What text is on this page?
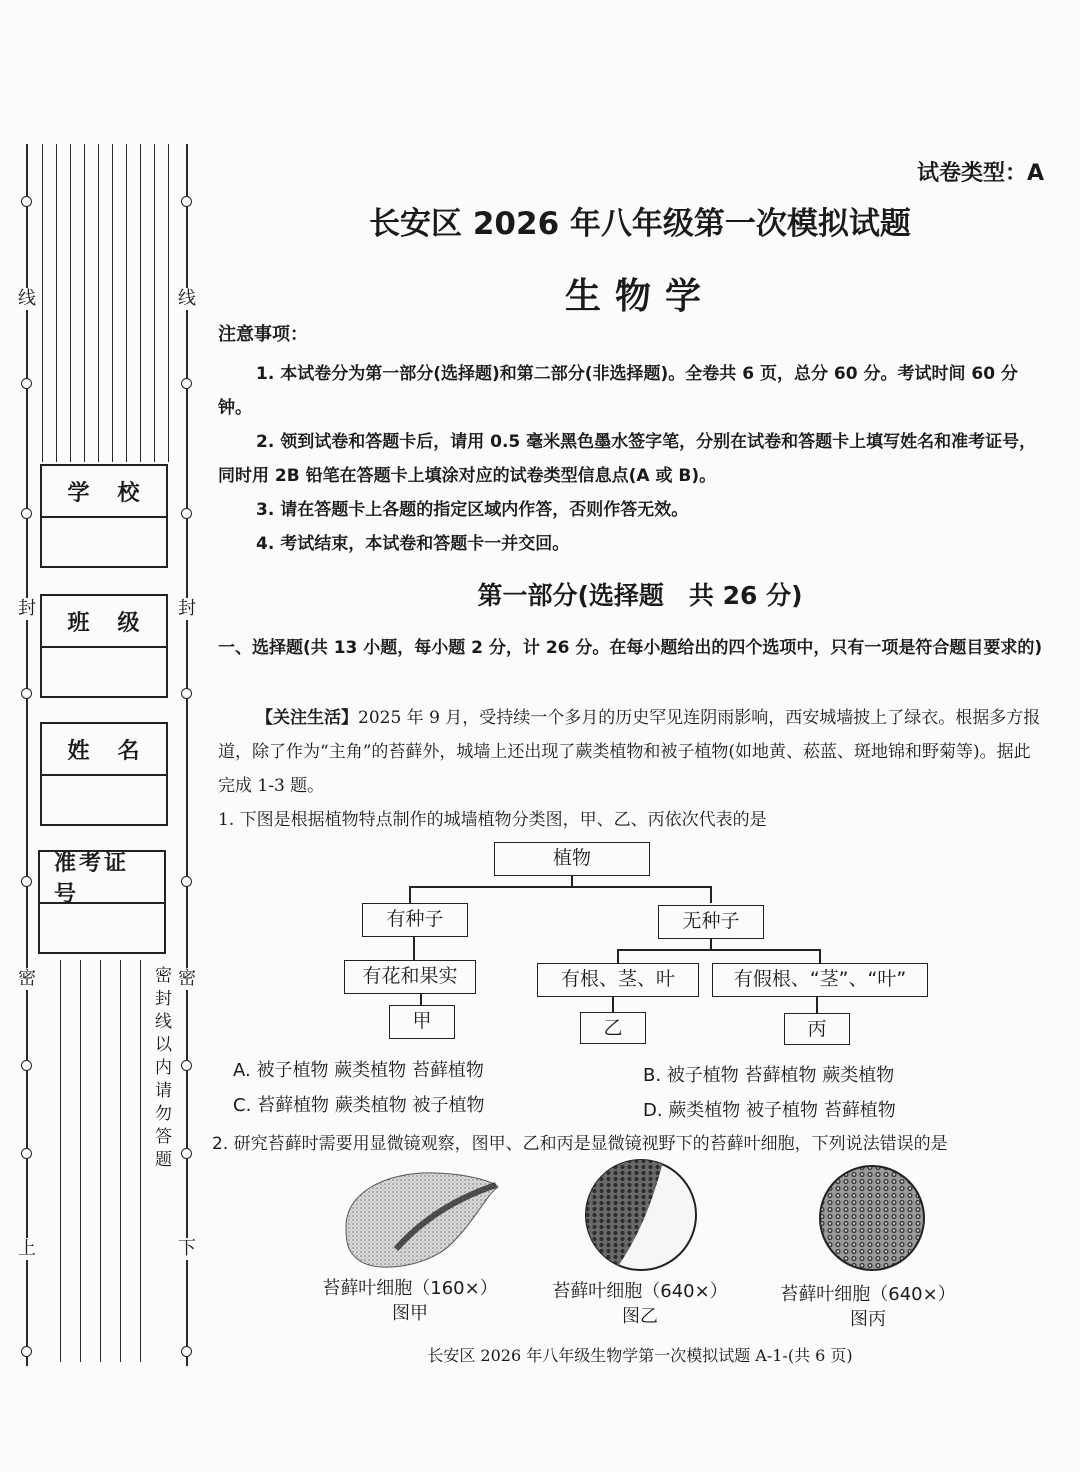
线
封
密
上
线
封
密
下
密封线以内请勿答题
学　校
班　级
姓　名
准考证号
试卷类型：A
长安区 2026 年八年级第一次模拟试题
生物学
注意事项：
1. 本试卷分为第一部分(选择题)和第二部分(非选择题)。全卷共 6 页，总分 60 分。考试时间 60 分钟。
2. 领到试卷和答题卡后，请用 0.5 毫米黑色墨水签字笔，分别在试卷和答题卡上填写姓名和准考证号，同时用 2B 铅笔在答题卡上填涂对应的试卷类型信息点(A 或 B)。
3. 请在答题卡上各题的指定区域内作答，否则作答无效。
4. 考试结束，本试卷和答题卡一并交回。
第一部分(选择题　共 26 分)
一、选择题(共 13 小题，每小题 2 分，计 26 分。在每小题给出的四个选项中，只有一项是符合题目要求的)
【关注生活】2025 年 9 月，受持续一个多月的历史罕见连阴雨影响，西安城墙披上了绿衣。根据多方报道，除了作为“主角”的苔藓外，城墙上还出现了蕨类植物和被子植物(如地黄、菘蓝、斑地锦和野菊等)。据此完成 1-3 题。
1. 下图是根据植物特点制作的城墙植物分类图，甲、乙、丙依次代表的是
植物
有种子	无种子
有花和果实	有根、茎、叶	有假根、“茎”、“叶”
甲	乙	丙
A. 被子植物 蕨类植物 苔藓植物	B. 被子植物 苔藓植物 蕨类植物
C. 苔藓植物 蕨类植物 被子植物	D. 蕨类植物 被子植物 苔藓植物
2. 研究苔藓时需要用显微镜观察，图甲、乙和丙是显微镜视野下的苔藓叶细胞，下列说法错误的是
苔藓叶细胞（160×）
图甲
苔藓叶细胞（640×）
图乙
苔藓叶细胞（640×）
图丙
长安区 2026 年八年级生物学第一次模拟试题 A-1-(共 6 页)
